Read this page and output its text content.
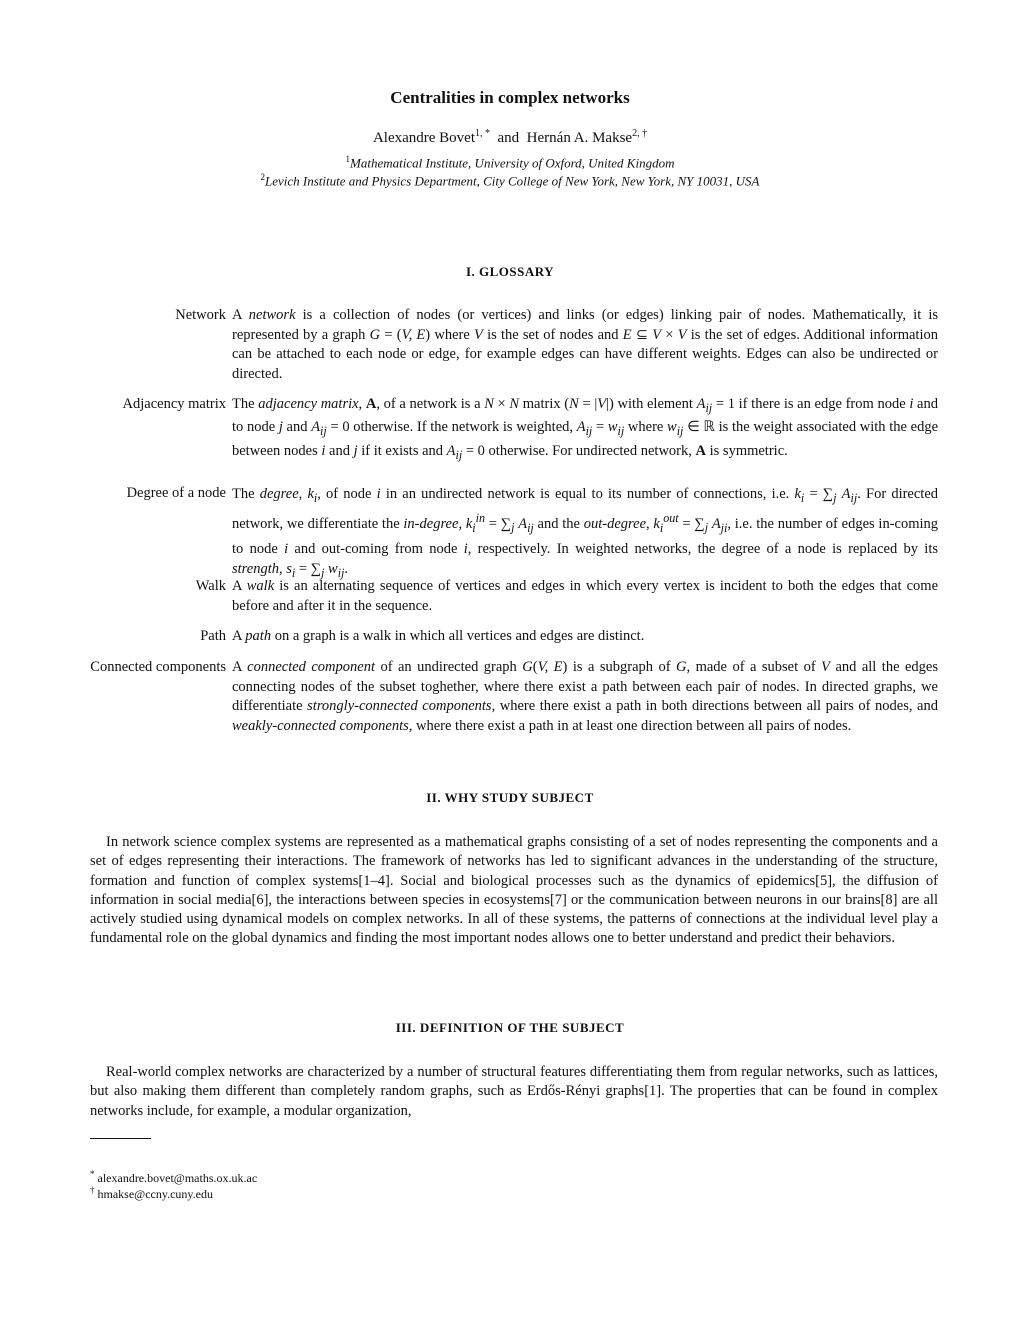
Centralities in complex networks
Alexandre Bovet$^{1, *}$ and Hernán A. Makse$^{2, \dagger}$
$^1$Mathematical Institute, University of Oxford, United Kingdom
$^2$Levich Institute and Physics Department, City College of New York, New York, NY 10031, USA
I. GLOSSARY
Network A network is a collection of nodes (or vertices) and links (or edges) linking pair of nodes. Mathematically, it is represented by a graph G = (V, E) where V is the set of nodes and E ⊆ V × V is the set of edges. Additional information can be attached to each node or edge, for example edges can have different weights. Edges can also be undirected or directed.
Adjacency matrix The adjacency matrix, A, of a network is a N × N matrix (N = |V|) with element $A_{ij} = 1$ if there is an edge from node i and to node j and $A_{ij} = 0$ otherwise. If the network is weighted, $A_{ij} = w_{ij}$ where $w_{ij}$ ∈ ℝ is the weight associated with the edge between nodes i and j if it exists and $A_{ij} = 0$ otherwise. For undirected network, A is symmetric.
Degree of a node The degree, $k_i$, of node i in an undirected network is equal to its number of connections, i.e. $k_i = \sum_j$ $A_{ij}$. For directed network, we differentiate the in-degree, $k_i^{in} = \sum_j$ $A_{ij}$ and the out-degree, $k_i^{out} = \sum_j$ $A_{ji}$, i.e. the number of edges in-coming to node i and out-coming from node i, respectively. In weighted networks, the degree of a node is replaced by its strength, $s_i = \sum_j$ $w_{ij}$.
Walk A walk is an alternating sequence of vertices and edges in which every vertex is incident to both the edges that come before and after it in the sequence.
Path A path on a graph is a walk in which all vertices and edges are distinct.
Connected components A connected component of an undirected graph G(V, E) is a subgraph of G, made of a subset of V and all the edges connecting nodes of the subset toghether, where there exist a path between each pair of nodes. In directed graphs, we differentiate strongly-connected components, where there exist a path in both directions between all pairs of nodes, and weakly-connected components, where there exist a path in at least one direction between all pairs of nodes.
II. WHY STUDY SUBJECT
In network science complex systems are represented as a mathematical graphs consisting of a set of nodes representing the components and a set of edges representing their interactions. The framework of networks has led to significant advances in the understanding of the structure, formation and function of complex systems[1–4]. Social and biological processes such as the dynamics of epidemics[5], the diffusion of information in social media[6], the interactions between species in ecosystems[7] or the communication between neurons in our brains[8] are all actively studied using dynamical models on complex networks. In all of these systems, the patterns of connections at the individual level play a fundamental role on the global dynamics and finding the most important nodes allows one to better understand and predict their behaviors.
III. DEFINITION OF THE SUBJECT
Real-world complex networks are characterized by a number of structural features differentiating them from regular networks, such as lattices, but also making them different than completely random graphs, such as Erdős-Rényi graphs[1]. The properties that can be found in complex networks include, for example, a modular organization,
* alexandre.bovet@maths.ox.uk.ac
† hmakse@ccny.cuny.edu
